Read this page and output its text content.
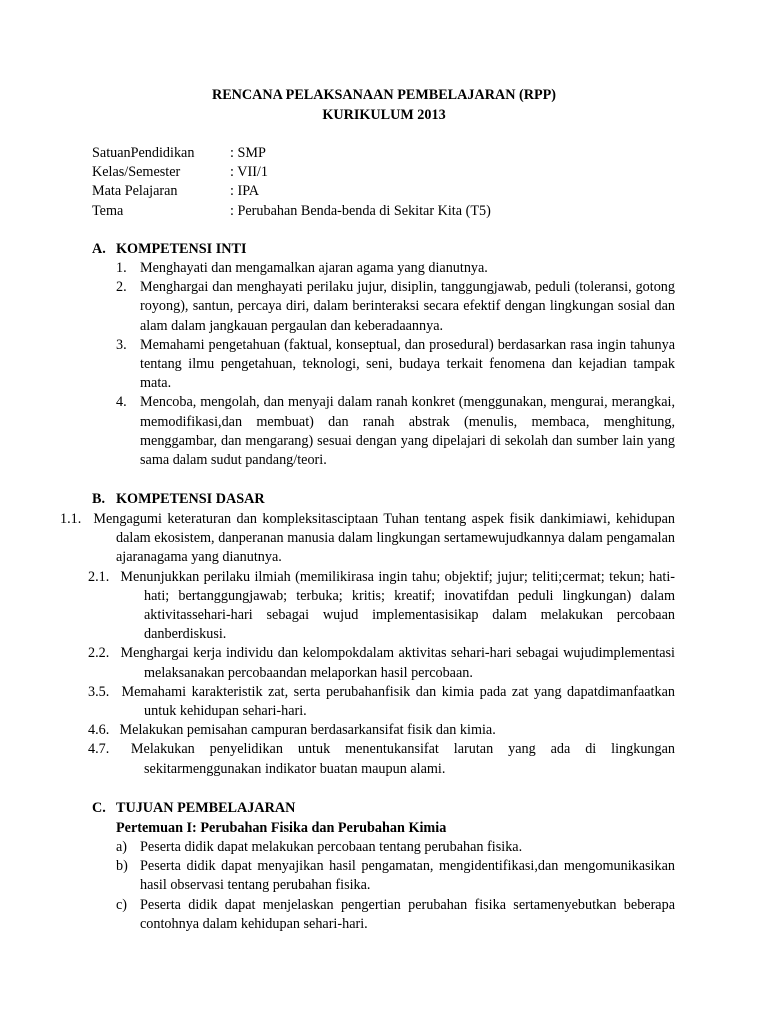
RENCANA PELAKSANAAN PEMBELAJARAN (RPP)
KURIKULUM 2013
SatuanPendidikan	: SMP
Kelas/Semester	: VII/1
Mata Pelajaran	: IPA
Tema	: Perubahan Benda-benda di Sekitar Kita (T5)
A. KOMPETENSI INTI
1. Menghayati dan mengamalkan ajaran agama yang dianutnya.
2. Menghargai dan menghayati perilaku jujur, disiplin, tanggungjawab, peduli (toleransi, gotong royong), santun, percaya diri, dalam berinteraksi secara efektif dengan lingkungan sosial dan alam dalam jangkauan pergaulan dan keberadaannya.
3. Memahami pengetahuan (faktual, konseptual, dan prosedural) berdasarkan rasa ingin tahunya tentang ilmu pengetahuan, teknologi, seni, budaya terkait fenomena dan kejadian tampak mata.
4. Mencoba, mengolah, dan menyaji dalam ranah konkret (menggunakan, mengurai, merangkai, memodifikasi,dan membuat) dan ranah abstrak (menulis, membaca, menghitung, menggambar, dan mengarang) sesuai dengan yang dipelajari di sekolah dan sumber lain yang sama dalam sudut pandang/teori.
B. KOMPETENSI DASAR
1.1. Mengagumi keteraturan dan kompleksitasciptaan Tuhan tentang aspek fisik dankimiawi, kehidupan dalam ekosistem, danperanan manusia dalam lingkungan sertamewujudkannya dalam pengamalan ajaranagama yang dianutnya.
2.1. Menunjukkan perilaku ilmiah (memilikirasa ingin tahu; objektif; jujur; teliti;cermat; tekun; hati-hati; bertanggungjawab; terbuka; kritis; kreatif; inovatifdan peduli lingkungan) dalam aktivitassehari-hari sebagai wujud implementasisikap dalam melakukan percobaan danberdiskusi.
2.2. Menghargai kerja individu dan kelompokdalam aktivitas sehari-hari sebagai wujudimplementasi melaksanakan percobaandan melaporkan hasil percobaan.
3.5. Memahami karakteristik zat, serta perubahanfisik dan kimia pada zat yang dapatdimanfaatkan untuk kehidupan sehari-hari.
4.6. Melakukan pemisahan campuran berdasarkansifat fisik dan kimia.
4.7. Melakukan penyelidikan untuk menentukansifat larutan yang ada di lingkungan sekitarmenggunakan indikator buatan maupun alami.
C. TUJUAN PEMBELAJARAN
Pertemuan I: Perubahan Fisika dan Perubahan Kimia
a) Peserta didik dapat melakukan percobaan tentang perubahan fisika.
b) Peserta didik dapat menyajikan hasil pengamatan, mengidentifikasi,dan mengomunikasikan hasil observasi tentang perubahan fisika.
c) Peserta didik dapat menjelaskan pengertian perubahan fisika sertamenyebutkan beberapa contohnya dalam kehidupan sehari-hari.
